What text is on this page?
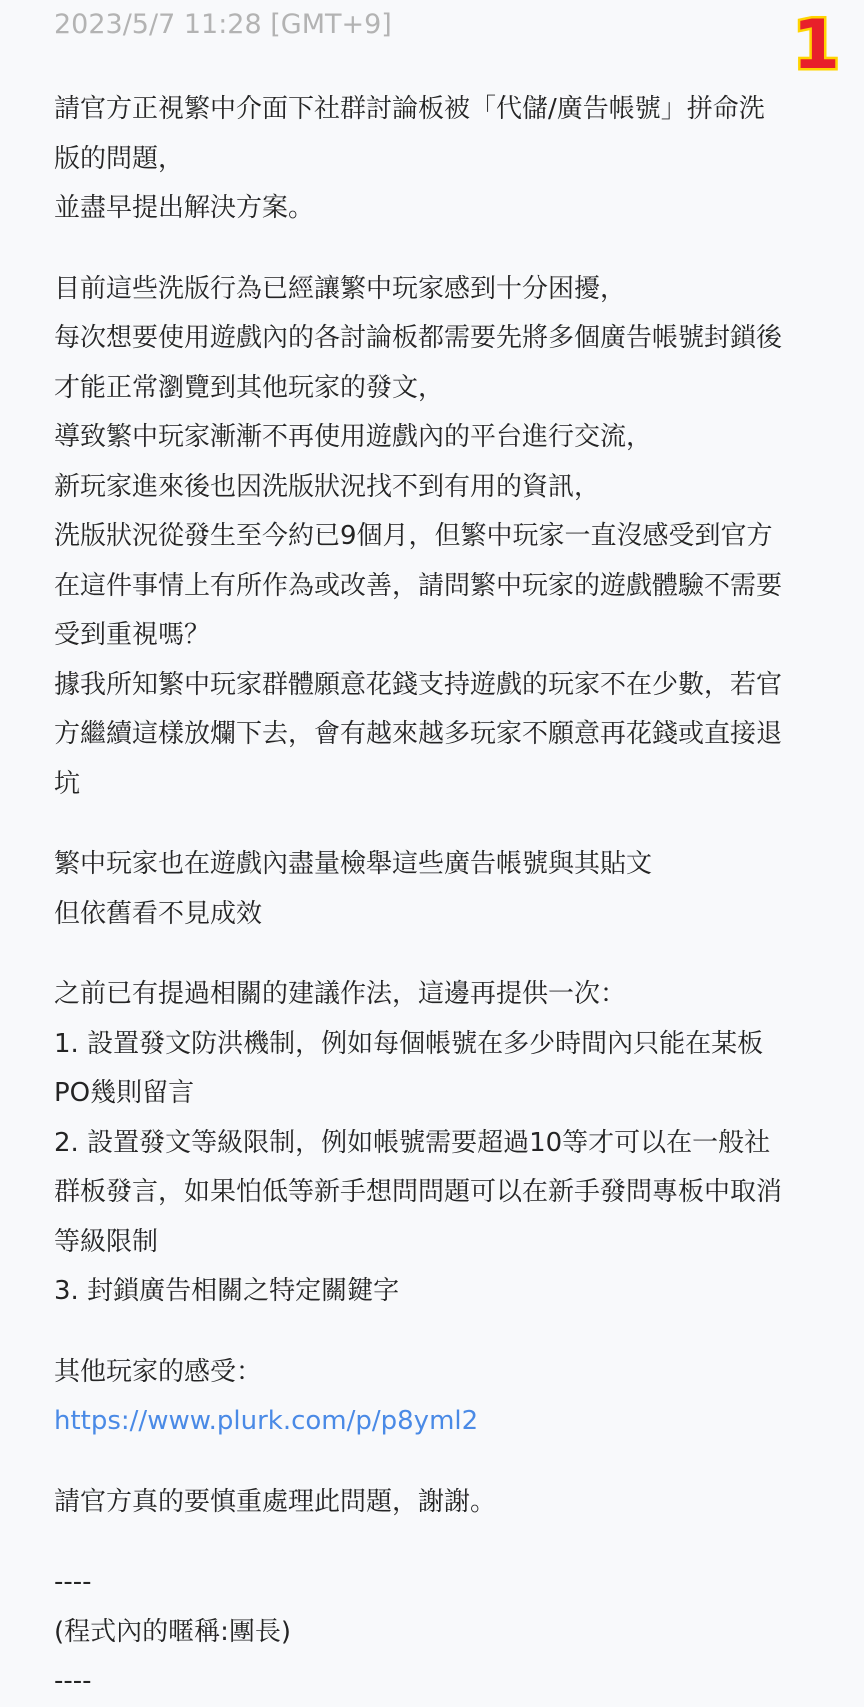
2023/5/7 11:28 [GMT+9]	1
請官方正視繁中介面下社群討論板被「代儲/廣告帳號」拼命洗
版的問題，
並盡早提出解決方案。
目前這些洗版行為已經讓繁中玩家感到十分困擾，
每次想要使用遊戲內的各討論板都需要先將多個廣告帳號封鎖後
才能正常瀏覽到其他玩家的發文，
導致繁中玩家漸漸不再使用遊戲內的平台進行交流，
新玩家進來後也因洗版狀況找不到有用的資訊，
洗版狀況從發生至今約已9個月，但繁中玩家一直沒感受到官方
在這件事情上有所作為或改善，請問繁中玩家的遊戲體驗不需要
受到重視嗎？
據我所知繁中玩家群體願意花錢支持遊戲的玩家不在少數，若官
方繼續這樣放爛下去，會有越來越多玩家不願意再花錢或直接退
坑
繁中玩家也在遊戲內盡量檢舉這些廣告帳號與其貼文
但依舊看不見成效
之前已有提過相關的建議作法，這邊再提供一次：
1. 設置發文防洪機制，例如每個帳號在多少時間內只能在某板
PO幾則留言
2. 設置發文等級限制，例如帳號需要超過10等才可以在一般社
群板發言，如果怕低等新手想問問題可以在新手發問專板中取消
等級限制
3. 封鎖廣告相關之特定關鍵字
其他玩家的感受：
https://www.plurk.com/p/p8yml2
請官方真的要慎重處理此問題，謝謝。
----
(程式內的暱稱:團長)
----
